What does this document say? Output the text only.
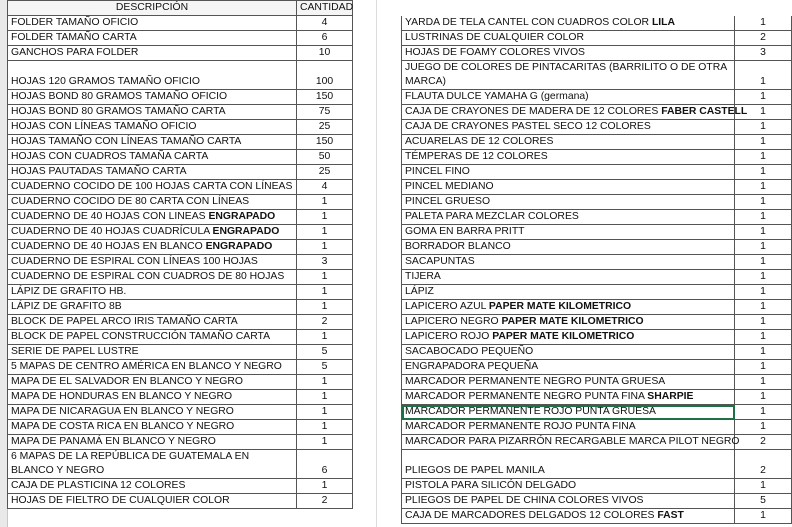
DESCRIPCIÓN	CANTIDAD
FOLDER TAMAÑO OFICIO	4
FOLDER TAMAÑO CARTA	6
GANCHOS PARA FOLDER	10
HOJAS 120 GRAMOS TAMAÑO OFICIO	100
HOJAS BOND 80 GRAMOS TAMAÑO OFICIO	150
HOJAS BOND 80 GRAMOS TAMAÑO CARTA	75
HOJAS CON LÍNEAS TAMAÑO OFICIO	25
HOJAS TAMAÑO CON LÍNEAS TAMAÑO CARTA	150
HOJAS CON CUADROS TAMAÑA CARTA	50
HOJAS PAUTADAS TAMAÑO CARTA	25
CUADERNO COCIDO DE 100 HOJAS CARTA CON LÍNEAS	4
CUADERNO COCIDO DE 80 CARTA CON LÍNEAS	1
CUADERNO DE 40 HOJAS CON LINEAS ENGRAPADO	1
CUADERNO DE 40 HOJAS CUADRÍCULA ENGRAPADO	1
CUADERNO DE 40 HOJAS EN BLANCO ENGRAPADO	1
CUADERNO DE ESPIRAL CON LÍNEAS 100 HOJAS	3
CUADERNO DE ESPIRAL CON CUADROS DE 80 HOJAS	1
LÁPIZ DE GRAFITO HB.	1
LÁPIZ DE GRAFITO 8B	1
BLOCK DE PAPEL ARCO IRIS TAMAÑO CARTA	2
BLOCK DE PAPEL CONSTRUCCIÓN TAMAÑO CARTA	1
SERIE DE PAPEL LUSTRE	5
5 MAPAS DE CENTRO AMÉRICA EN BLANCO Y NEGRO	5
MAPA DE EL SALVADOR EN BLANCO Y NEGRO	1
MAPA DE HONDURAS EN BLANCO Y NEGRO	1
MAPA DE NICARAGUA EN BLANCO Y NEGRO	1
MAPA DE COSTA RICA EN BLANCO Y NEGRO	1
MAPA DE PANAMÁ EN BLANCO Y NEGRO	1
6 MAPAS DE LA REPÚBLICA DE GUATEMALA EN BLANCO Y NEGRO	6
CAJA DE PLASTICINA 12 COLORES	1
HOJAS DE FIELTRO DE CUALQUIER COLOR	2

YARDA DE TELA CANTEL CON CUADROS COLOR LILA	1
LUSTRINAS DE CUALQUIER COLOR	2
HOJAS DE FOAMY COLORES VIVOS	3
JUEGO DE COLORES DE PINTACARITAS (BARRILITO O DE OTRA MARCA)	1
FLAUTA DULCE YAMAHA G (germana)	1
CAJA DE CRAYONES DE MADERA DE 12 COLORES FABER CASTELL	1
CAJA DE CRAYONES PASTEL SECO 12 COLORES	1
ACUARELAS DE 12 COLORES	1
TÉMPERAS DE 12 COLORES	1
PINCEL FINO	1
PINCEL MEDIANO	1
PINCEL GRUESO	1
PALETA PARA MEZCLAR COLORES	1
GOMA EN BARRA PRITT	1
BORRADOR BLANCO	1
SACAPUNTAS	1
TIJERA	1
LÁPIZ	1
LAPICERO AZUL PAPER MATE KILOMETRICO	1
LAPICERO NEGRO PAPER MATE KILOMETRICO	1
LAPICERO ROJO PAPER MATE KILOMETRICO	1
SACABOCADO PEQUEÑO	1
ENGRAPADORA PEQUEÑA	1
MARCADOR PERMANENTE NEGRO PUNTA GRUESA	1
MARCADOR PERMANENTE NEGRO PUNTA FINA SHARPIE	1
MARCADOR PERMANENTE ROJO PUNTA GRUESA	1
MARCADOR PERMANENTE ROJO PUNTA FINA	1
MARCADOR PARA PIZARRÓN RECARGABLE MARCA PILOT NEGRO	2
PLIEGOS DE PAPEL MANILA	2
PISTOLA PARA SILICÓN DELGADO	1
PLIEGOS DE PAPEL DE CHINA COLORES VIVOS	5
CAJA DE MARCADORES DELGADOS 12 COLORES FAST	1
